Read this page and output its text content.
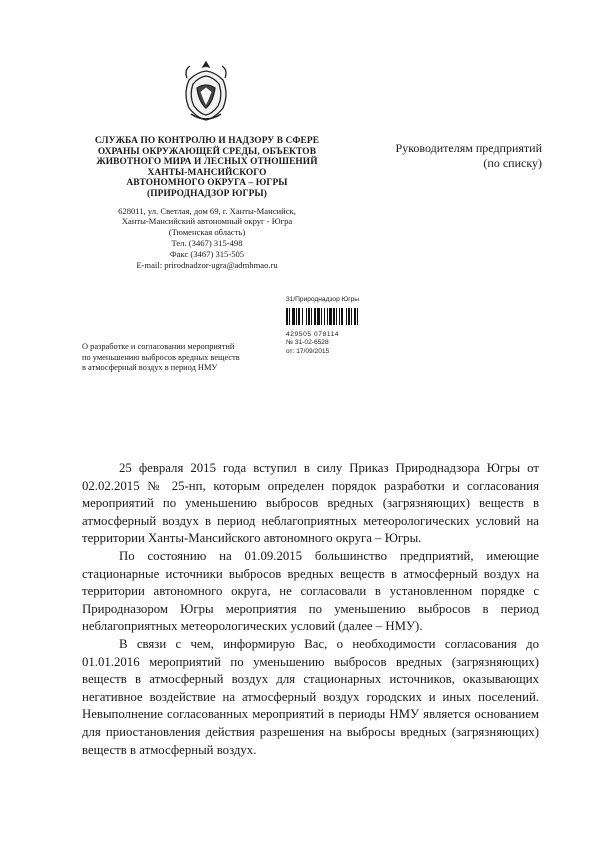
СЛУЖБА ПО КОНТРОЛЮ И НАДЗОРУ В СФЕРЕ
ОХРАНЫ ОКРУЖАЮЩЕЙ СРЕДЫ, ОБЪЕКТОВ
ЖИВОТНОГО МИРА И ЛЕСНЫХ ОТНОШЕНИЙ
ХАНТЫ-МАНСИЙСКОГО
АВТОНОМНОГО ОКРУГА – ЮГРЫ
(ПРИРОДНАДЗОР ЮГРЫ)
628011, ул. Светлая, дом 69, г. Ханты-Мансийск,
Ханты-Мансийский автономный округ - Югра
(Тюменская область)
Тел. (3467) 315-498
Факс (3467) 315-505
E-mail: prirodnadzor-ugra@admhmao.ru
Руководителям предприятий
(по списку)
31/Природнадзор Югры
429505 078114
№ 31-02-6528
от: 17/09/2015
О разработке и согласовании мероприятий
по уменьшению выбросов вредных веществ
в атмосферный воздух в период НМУ

25 февраля 2015 года вступил в силу Приказ Природнадзора Югры от 02.02.2015 № 25-нп, которым определен порядок разработки и согласования мероприятий по уменьшению выбросов вредных (загрязняющих) веществ в атмосферный воздух в период неблагоприятных метеорологических условий на территории Ханты-Мансийского автономного округа – Югры.

По состоянию на 01.09.2015 большинство предприятий, имеющие стационарные источники выбросов вредных веществ в атмосферный воздух на территории автономного округа, не согласовали в установленном порядке с Природназором Югры мероприятия по уменьшению выбросов в период неблагоприятных метеорологических условий (далее – НМУ).

В связи с чем, информирую Вас, о необходимости согласования до 01.01.2016 мероприятий по уменьшению выбросов вредных (загрязняющих) веществ в атмосферный воздух для стационарных источников, оказывающих негативное воздействие на атмосферный воздух городских и иных поселений. Невыполнение согласованных мероприятий в периоды НМУ является основанием для приостановления действия разрешения на выбросы вредных (загрязняющих) веществ в атмосферный воздух.
